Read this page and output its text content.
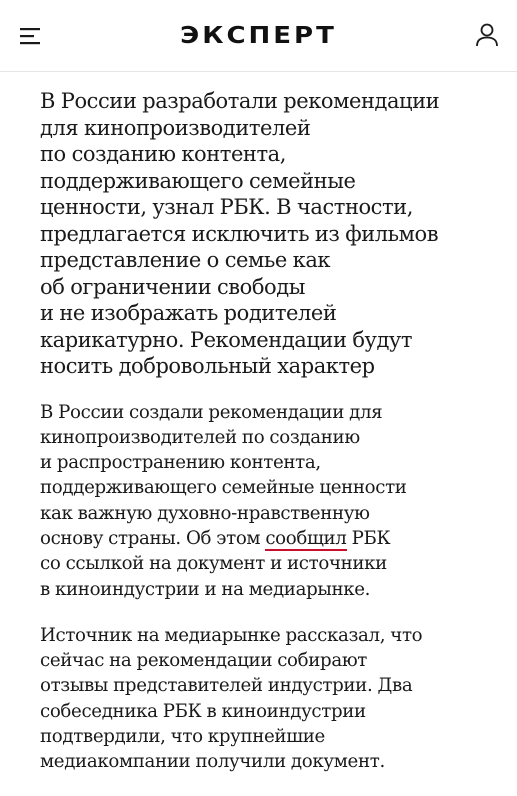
ЭКСПЕРТ

В России разработали рекомендации
для кинопроизводителей
по созданию контента,
поддерживающего семейные
ценности, узнал РБК. В частности,
предлагается исключить из фильмов
представление о семье как
об ограничении свободы
и не изображать родителей
карикатурно. Рекомендации будут
носить добровольный характер

В России создали рекомендации для
кинопроизводителей по созданию
и распространению контента,
поддерживающего семейные ценности
как важную духовно-нравственную
основу страны. Об этом сообщил РБК
со ссылкой на документ и источники
в киноиндустрии и на медиарынке.

Источник на медиарынке рассказал, что
сейчас на рекомендации собирают
отзывы представителей индустрии. Два
собеседника РБК в киноиндустрии
подтвердили, что крупнейшие
медиакомпании получили документ.
